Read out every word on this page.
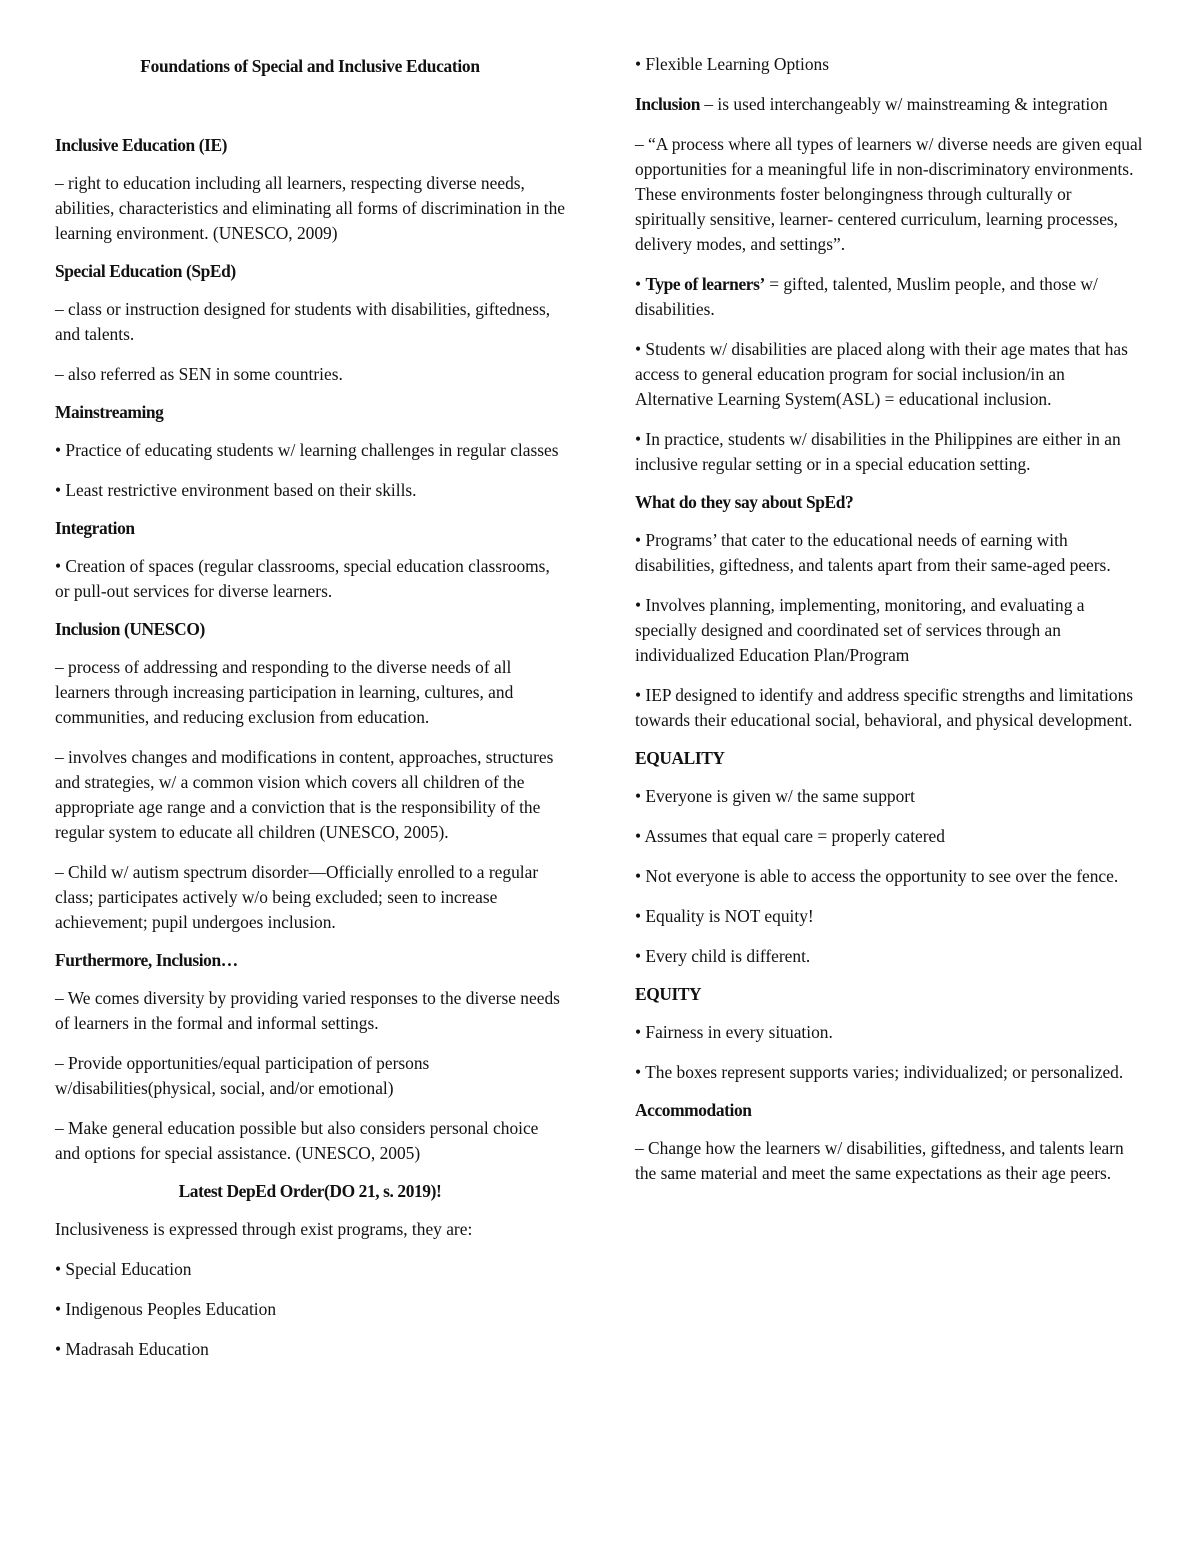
Foundations of Special and Inclusive Education
Inclusive Education (IE)

– right to education including all learners, respecting diverse needs, abilities, characteristics and eliminating all forms of discrimination in the learning environment. (UNESCO, 2009)

Special Education (SpEd)

– class or instruction designed for students with disabilities, giftedness, and talents.

– also referred as SEN in some countries.

Mainstreaming

• Practice of educating students w/ learning challenges in regular classes

• Least restrictive environment based on their skills.

Integration

• Creation of spaces (regular classrooms, special education classrooms, or pull-out services for diverse learners.

Inclusion (UNESCO)

– process of addressing and responding to the diverse needs of all learners through increasing participation in learning, cultures, and communities, and reducing exclusion from education.

– involves changes and modifications in content, approaches, structures and strategies, w/ a common vision which covers all children of the appropriate age range and a conviction that is the responsibility of the regular system to educate all children (UNESCO, 2005).

– Child w/ autism spectrum disorder—Officially enrolled to a regular class; participates actively w/o being excluded; seen to increase achievement; pupil undergoes inclusion.

Furthermore, Inclusion…

– We comes diversity by providing varied responses to the diverse needs of learners in the formal and informal settings.

– Provide opportunities/equal participation of persons w/disabilities(physical, social, and/or emotional)

– Make general education possible but also considers personal choice and options for special assistance. (UNESCO, 2005)

Latest DepEd Order(DO 21, s. 2019)!

Inclusiveness is expressed through exist programs, they are:

• Special Education

• Indigenous Peoples Education

• Madrasah Education

• Flexible Learning Options

Inclusion – is used interchangeably w/ mainstreaming & integration

– “A process where all types of learners w/ diverse needs are given equal opportunities for a meaningful life in non-discriminatory environments. These environments foster belongingness through culturally or spiritually sensitive, learner- centered curriculum, learning processes, delivery modes, and settings”.

• Type of learners’ = gifted, talented, Muslim people, and those w/ disabilities.

• Students w/ disabilities are placed along with their age mates that has access to general education program for social inclusion/in an Alternative Learning System(ASL) = educational inclusion.

• In practice, students w/ disabilities in the Philippines are either in an inclusive regular setting or in a special education setting.

What do they say about SpEd?

• Programs’ that cater to the educational needs of earning with disabilities, giftedness, and talents apart from their same-aged peers.

• Involves planning, implementing, monitoring, and evaluating a specially designed and coordinated set of services through an individualized Education Plan/Program

• IEP designed to identify and address specific strengths and limitations towards their educational social, behavioral, and physical development.

EQUALITY

• Everyone is given w/ the same support

• Assumes that equal care = properly catered

• Not everyone is able to access the opportunity to see over the fence.

• Equality is NOT equity!

• Every child is different.

EQUITY

• Fairness in every situation.

• The boxes represent supports varies; individualized; or personalized.

Accommodation

– Change how the learners w/ disabilities, giftedness, and talents learn the same material and meet the same expectations as their age peers.
